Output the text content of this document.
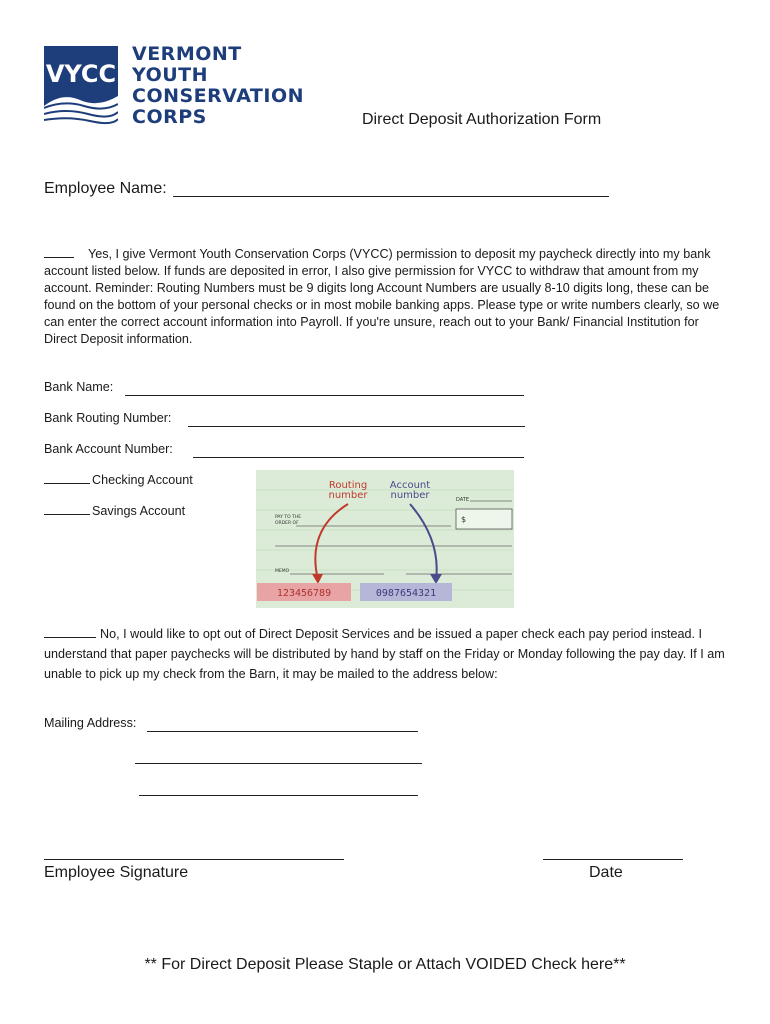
VYCC
VERMONT
YOUTH
CONSERVATION
CORPS	Direct Deposit Authorization Form
Employee Name:

Yes, I give Vermont Youth Conservation Corps (VYCC) permission to deposit my paycheck directly into my bank account listed below. If funds are deposited in error, I also give permission for VYCC to withdraw that amount from my account. Reminder: Routing Numbers must be 9 digits long Account Numbers are usually 8-10 digits long, these can be found on the bottom of your personal checks or in most mobile banking apps. Please type or write numbers clearly, so we can enter the correct account information into Payroll. If you're unsure, reach out to your Bank/ Financial Institution for Direct Deposit information.

Bank Name:
Bank Routing Number:
Bank Account Number:
Checking Account
Savings Account
Routing
number
Account
number	DATE
$
PAY TO THE
ORDER OF
MEMO
123456789	0987654321

No, I would like to opt out of Direct Deposit Services and be issued a paper check each pay period instead. I understand that paper paychecks will be distributed by hand by staff on the Friday or Monday following the pay day. If I am unable to pick up my check from the Barn, it may be mailed to the address below:

Mailing Address:
Employee Signature	Date
** For Direct Deposit Please Staple or Attach VOIDED Check here**
